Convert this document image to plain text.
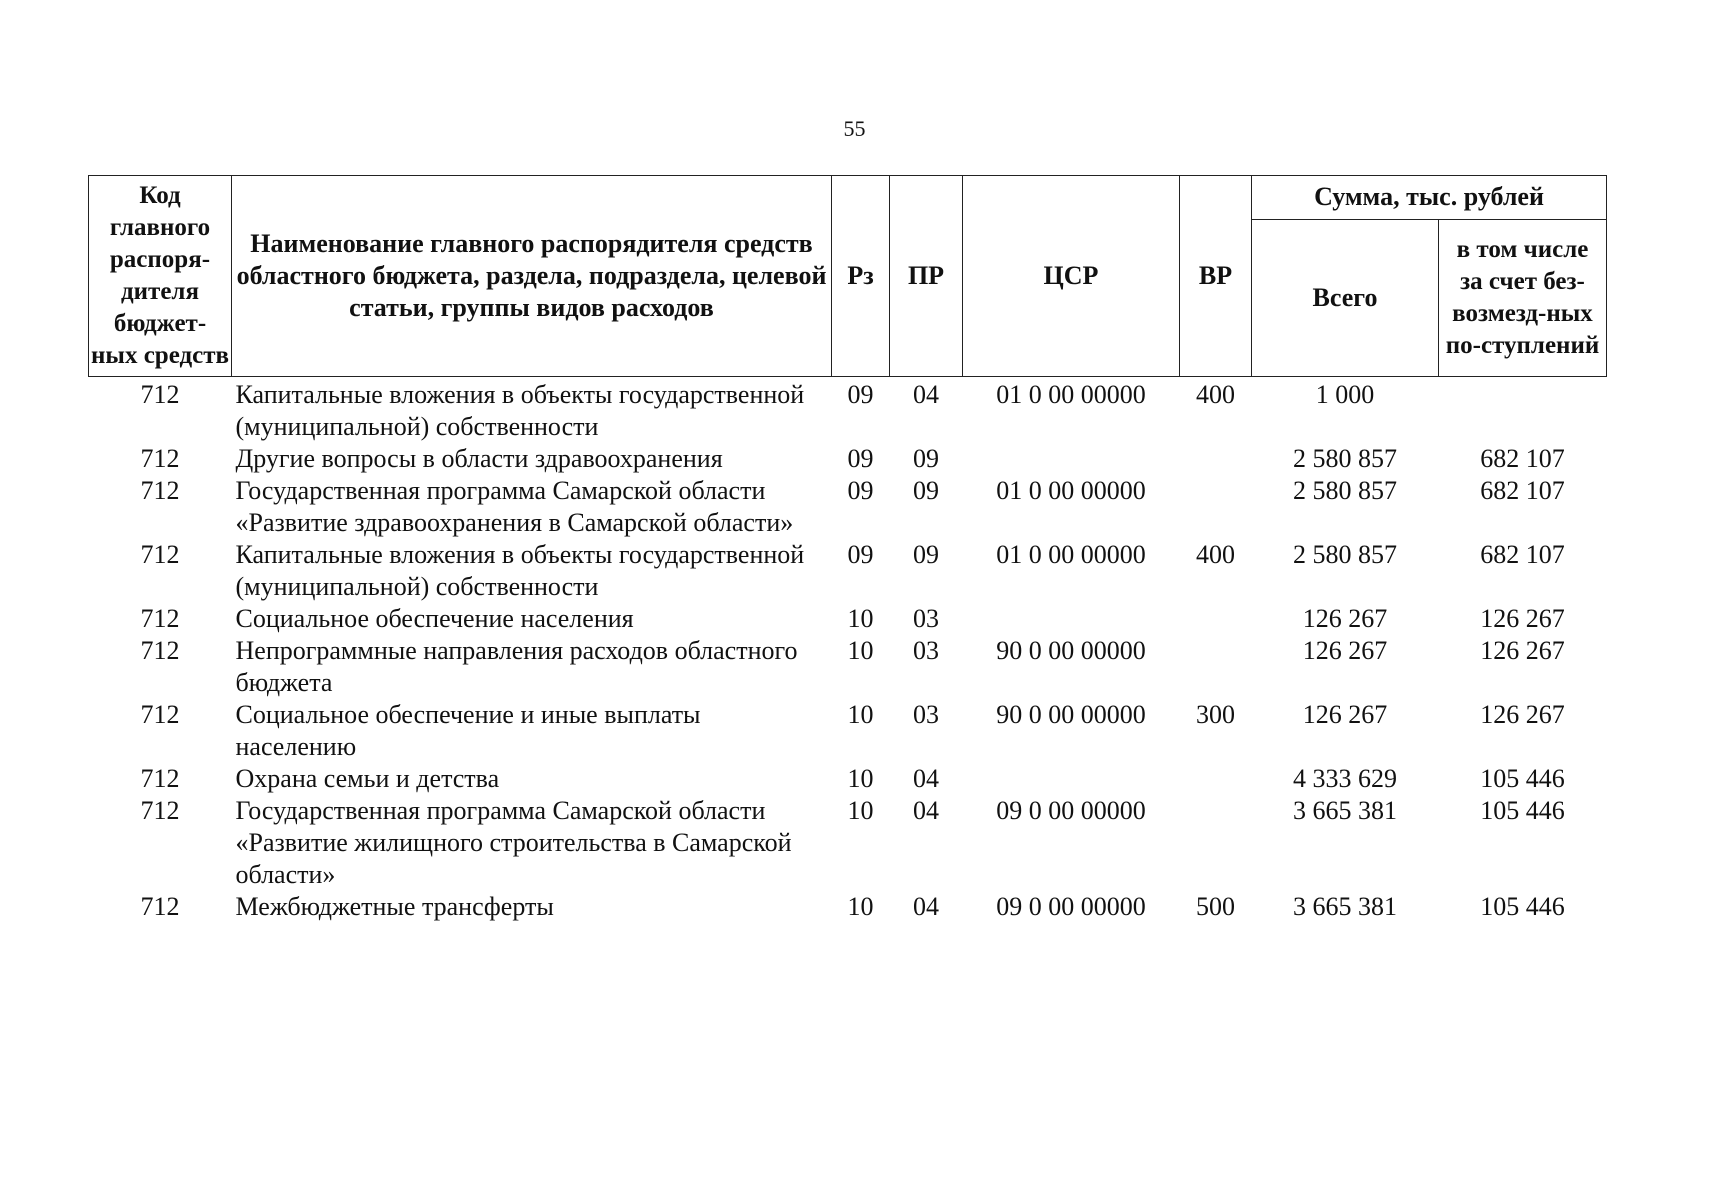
55
Код главного распоря-дителя бюджет-ных средств	Наименование главного распорядителя средств областного бюджета, раздела, подраздела, целевой статьи, группы видов расходов	Рз	ПР	ЦСР	ВР	Сумма, тыс. рублей	
						Всего	в том числе за счет без-возмезд-ных по-ступлений
712	Капитальные вложения в объекты государственной (муниципальной) собственности	09	04	01 0 00 00000	400	1 000	
712	Другие вопросы в области здравоохранения	09	09			2 580 857	682 107
712	Государственная программа Самарской области «Развитие здравоохранения в Самарской области»	09	09	01 0 00 00000		2 580 857	682 107
712	Капитальные вложения в объекты государственной (муниципальной) собственности	09	09	01 0 00 00000	400	2 580 857	682 107
712	Социальное обеспечение населения	10	03			126 267	126 267
712	Непрограммные направления расходов областного бюджета	10	03	90 0 00 00000		126 267	126 267
712	Социальное обеспечение и иные выплаты населению	10	03	90 0 00 00000	300	126 267	126 267
712	Охрана семьи и детства	10	04			4 333 629	105 446
712	Государственная программа Самарской области «Развитие жилищного строительства в Самарской области»	10	04	09 0 00 00000		3 665 381	105 446
712	Межбюджетные трансферты	10	04	09 0 00 00000	500	3 665 381	105 446
